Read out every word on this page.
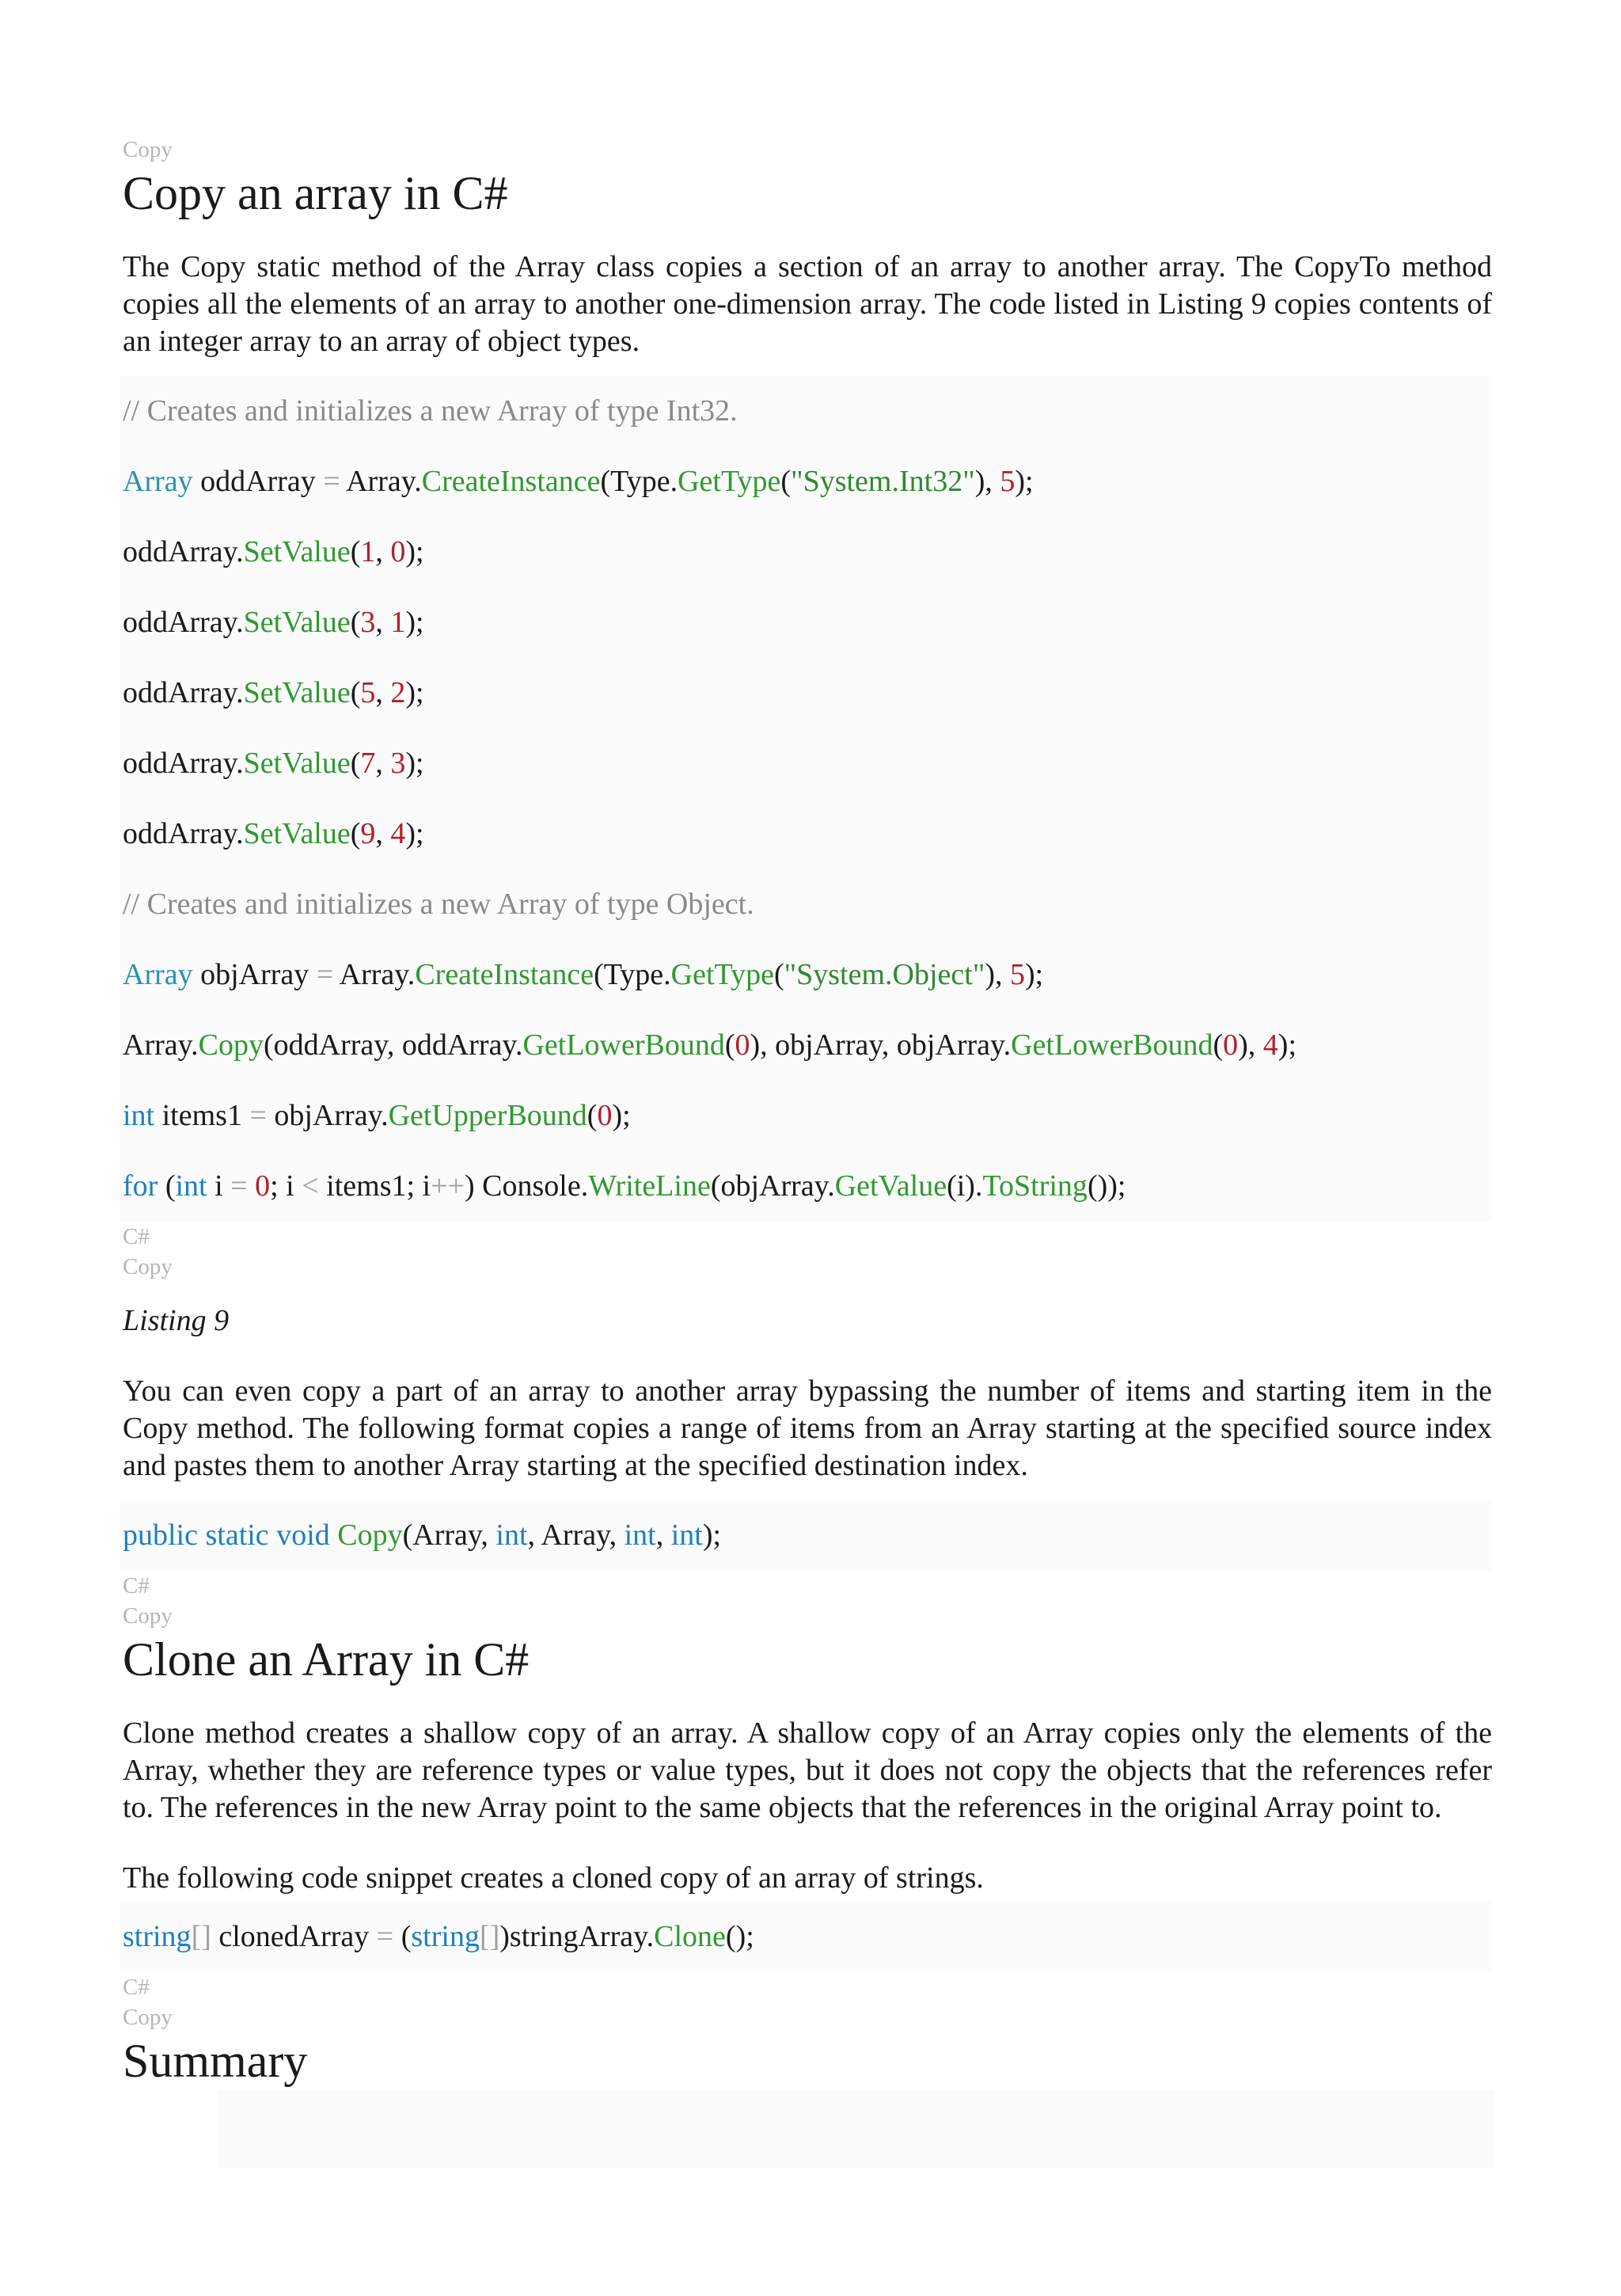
Copy
Copy an array in C#

The Copy static method of the Array class copies a section of an array to another array. The CopyTo method copies all the elements of an array to another one-dimension array. The code listed in Listing 9 copies contents of an integer array to an array of object types.

// Creates and initializes a new Array of type Int32.
Array oddArray = Array.CreateInstance(Type.GetType("System.Int32"), 5);
oddArray.SetValue(1, 0);
oddArray.SetValue(3, 1);
oddArray.SetValue(5, 2);
oddArray.SetValue(7, 3);
oddArray.SetValue(9, 4);
// Creates and initializes a new Array of type Object.
Array objArray = Array.CreateInstance(Type.GetType("System.Object"), 5);
Array.Copy(oddArray, oddArray.GetLowerBound(0), objArray, objArray.GetLowerBound(0), 4);
int items1 = objArray.GetUpperBound(0);
for (int i = 0; i < items1; i++) Console.WriteLine(objArray.GetValue(i).ToString());
C#
Copy

Listing 9

You can even copy a part of an array to another array bypassing the number of items and starting item in the Copy method. The following format copies a range of items from an Array starting at the specified source index and pastes them to another Array starting at the specified destination index.

public static void Copy(Array, int, Array, int, int);
C#
Copy
Clone an Array in C#

Clone method creates a shallow copy of an array. A shallow copy of an Array copies only the elements of the Array, whether they are reference types or value types, but it does not copy the objects that the references refer to. The references in the new Array point to the same objects that the references in the original Array point to.

The following code snippet creates a cloned copy of an array of strings.

string[] clonedArray = (string[])stringArray.Clone();
C#
Copy
Summary
